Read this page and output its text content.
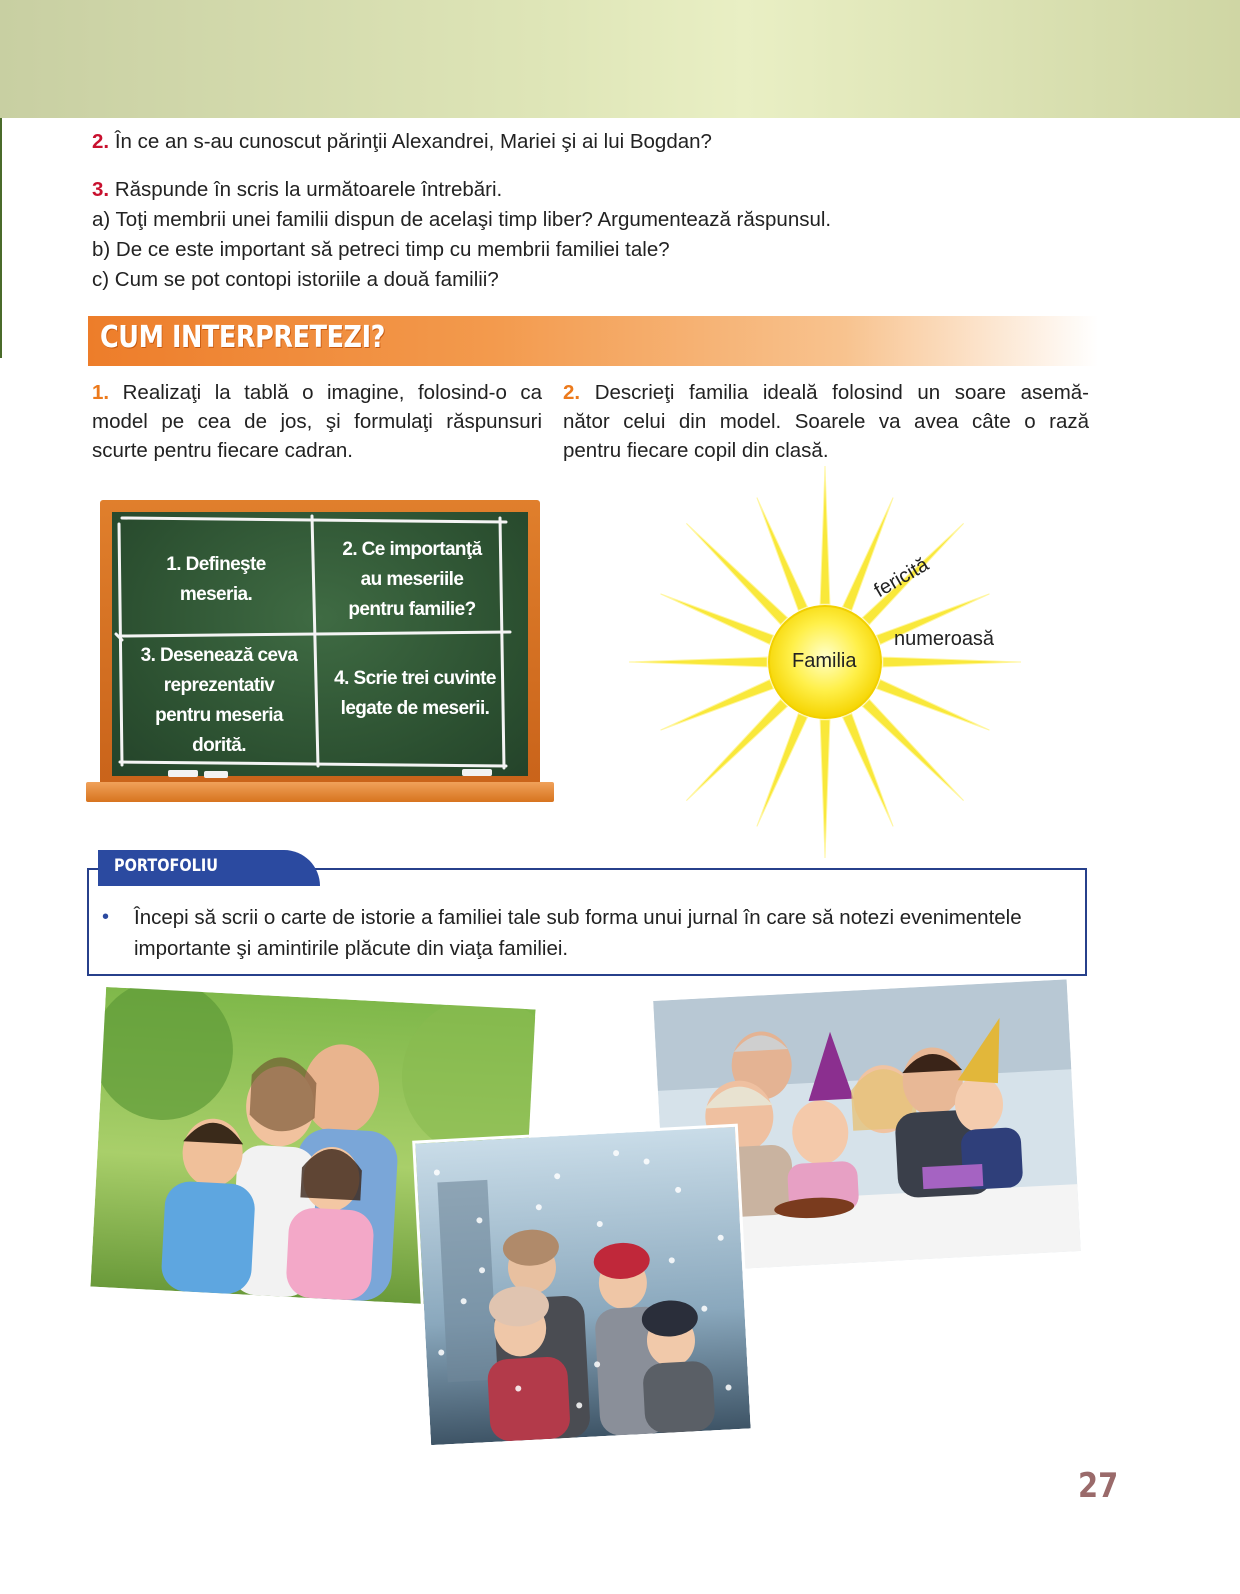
2. În ce an s-au cunoscut părinţii Alexandrei, Mariei şi ai lui Bogdan?
3. Răspunde în scris la următoarele întrebări.
a) Toţi membrii unei familii dispun de acelaşi timp liber? Argumentează răspunsul.
b) De ce este important să petreci timp cu membrii familiei tale?
c) Cum se pot contopi istoriile a două familii?
CUM INTERPRETEZI?
1. Realizaţi la tablă o imagine, folosind-o ca
model pe cea de jos, şi formulaţi răspunsuri
scurte pentru fiecare cadran.
2. Descrieţi familia ideală folosind un soare asemă-
nător celui din model. Soarele va avea câte o rază
pentru fiecare copil din clasă.
1. Defineşte
meseria.
2. Ce importanţă
au meseriile
pentru familie?
3. Desenează ceva
reprezentativ
pentru meseria
dorită.
4. Scrie trei cuvinte
legate de meserii.
Familia
fericită
numeroasă
PORTOFOLIU
• Începi să scrii o carte de istorie a familiei tale sub forma unui jurnal în care să notezi evenimentele
importante şi amintirile plăcute din viaţa familiei.
27
